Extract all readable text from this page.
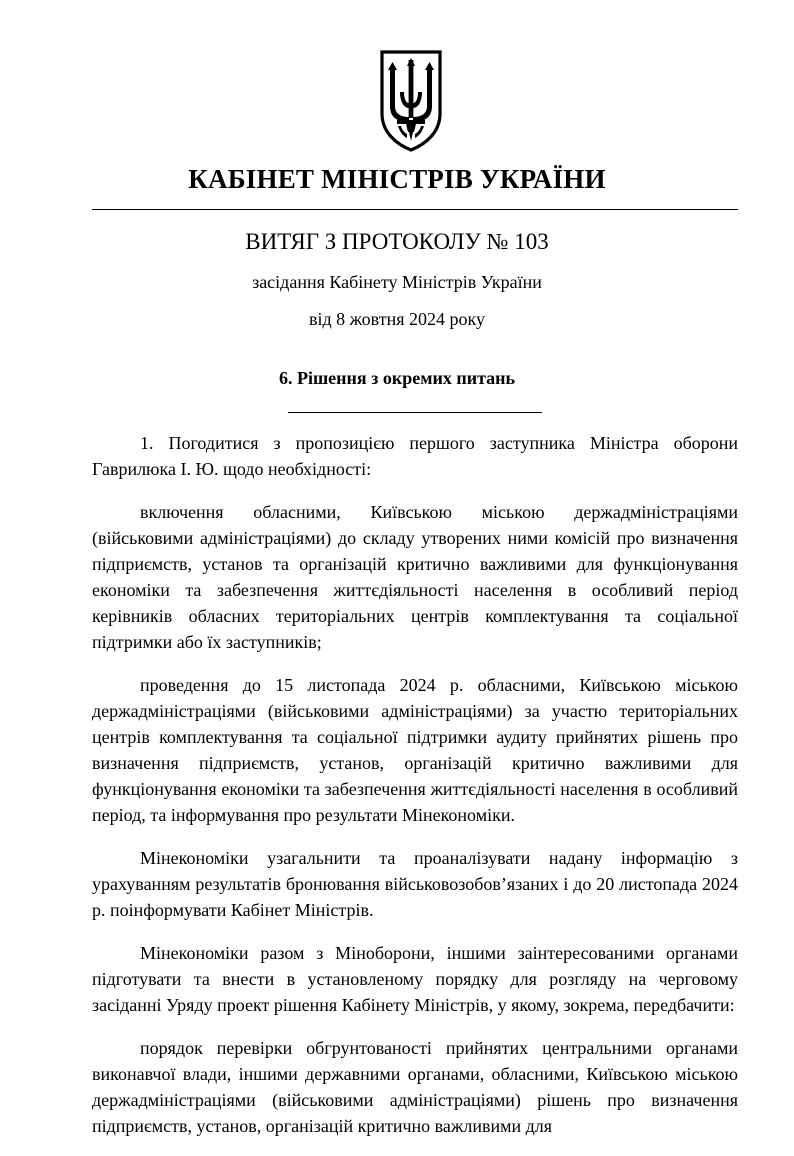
КАБІНЕТ МІНІСТРІВ УКРАЇНИ
ВИТЯГ З ПРОТОКОЛУ № 103
засідання Кабінету Міністрів України
від 8 жовтня 2024 року
6. Рішення з окремих питань

1. Погодитися з пропозицією першого заступника Міністра оборони Гаврилюка І. Ю. щодо необхідності:

включення обласними, Київською міською держадміністраціями (військовими адміністраціями) до складу утворених ними комісій про визначення підприємств, установ та організацій критично важливими для функціонування економіки та забезпечення життєдіяльності населення в особливий період керівників обласних територіальних центрів комплектування та соціальної підтримки або їх заступників;

проведення до 15 листопада 2024 р. обласними, Київською міською держадміністраціями (військовими адміністраціями) за участю територіальних центрів комплектування та соціальної підтримки аудиту прийнятих рішень про визначення підприємств, установ, організацій критично важливими для функціонування економіки та забезпечення життєдіяльності населення в особливий період, та інформування про результати Мінекономіки.

Мінекономіки узагальнити та проаналізувати надану інформацію з урахуванням результатів бронювання військовозобов’язаних і до 20 листопада 2024 р. поінформувати Кабінет Міністрів.

Мінекономіки разом з Міноборони, іншими заінтересованими органами підготувати та внести в установленому порядку для розгляду на черговому засіданні Уряду проект рішення Кабінету Міністрів, у якому, зокрема, передбачити:

порядок перевірки обгрунтованості прийнятих центральними органами виконавчої влади, іншими державними органами, обласними, Київською міською держадміністраціями (військовими адміністраціями) рішень про визначення підприємств, установ, організацій критично важливими для
